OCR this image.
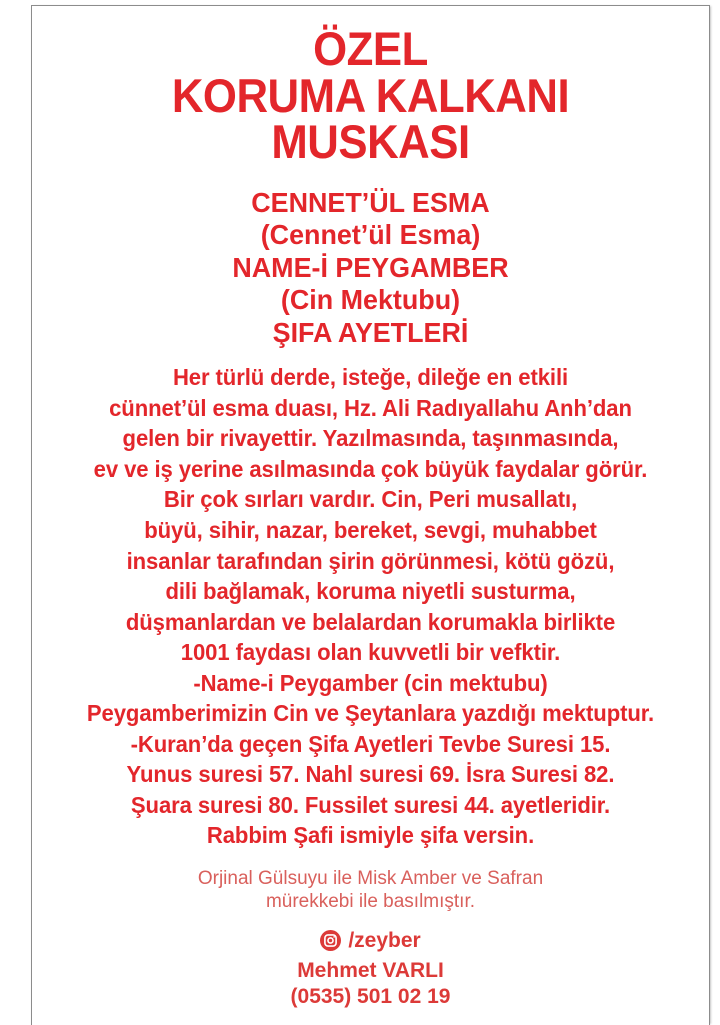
ÖZEL
KORUMA KALKANI
MUSKASI
CENNET’ÜL ESMA
(Cennet’ül Esma)
NAME-İ PEYGAMBER
(Cin Mektubu)
ŞIFA AYETLERİ
Her türlü derde, isteğe, dileğe en etkili
cünnet’ül esma duası, Hz. Ali Radıyallahu Anh’dan
gelen bir rivayettir. Yazılmasında, taşınmasında,
ev ve iş yerine asılmasında çok büyük faydalar görür.
Bir çok sırları vardır. Cin, Peri musallatı,
büyü, sihir, nazar, bereket, sevgi, muhabbet
insanlar tarafından şirin görünmesi, kötü gözü,
dili bağlamak, koruma niyetli susturma,
düşmanlardan ve belalardan korumakla birlikte
1001 faydası olan kuvvetli bir vefktir.
-Name-i Peygamber (cin mektubu)
Peygamberimizin Cin ve Şeytanlara yazdığı mektuptur.
-Kuran’da geçen Şifa Ayetleri Tevbe Suresi 15.
Yunus suresi 57. Nahl suresi 69. İsra Suresi 82.
Şuara suresi 80. Fussilet suresi 44. ayetleridir.
Rabbim Şafi ismiyle şifa versin.
Orjinal Gülsuyu ile Misk Amber ve Safran
mürekkebi ile basılmıştır.
/zeyber
Mehmet VARLI
(0535) 501 02 19
